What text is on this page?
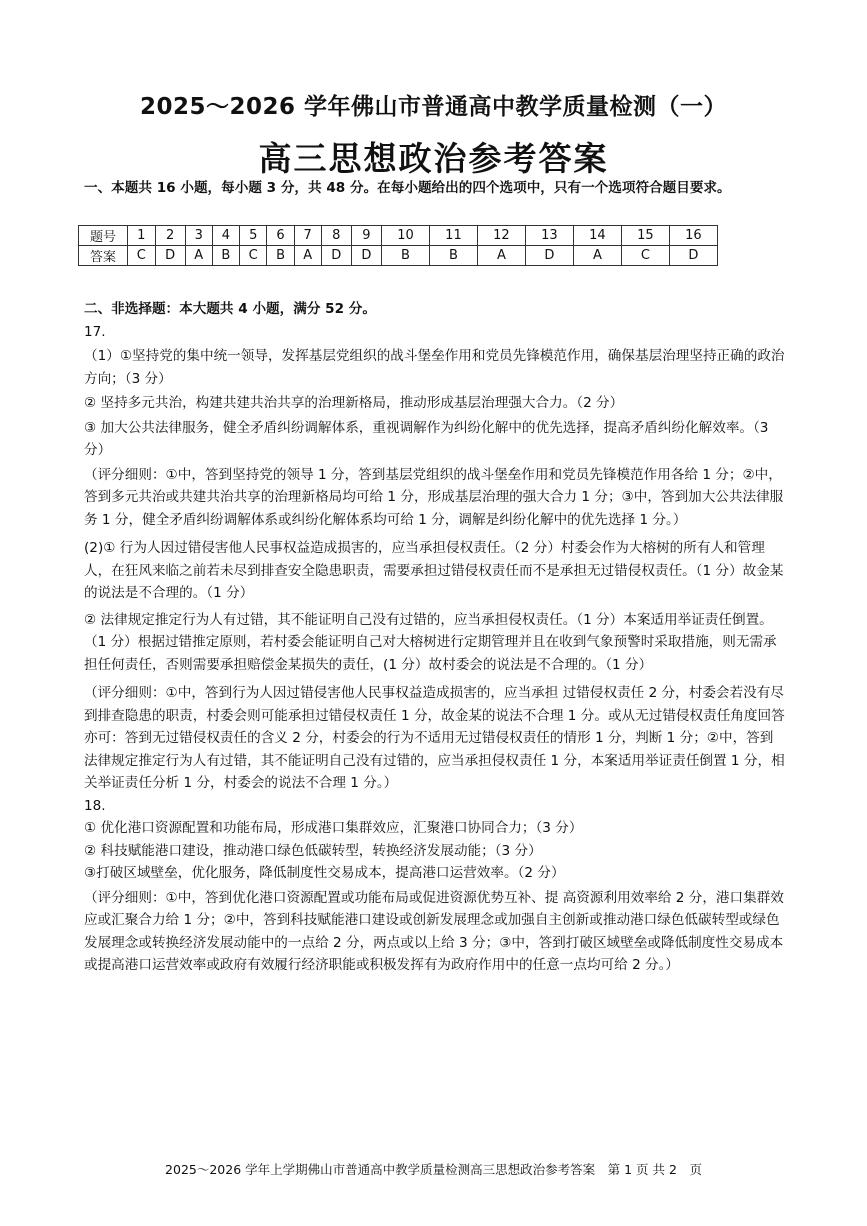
2025～2026 学年佛山市普通高中教学质量检测（一）
高三思想政治参考答案
一、本题共 16 小题，每小题 3 分，共 48 分。在每小题给出的四个选项中，只有一个选项符合题目要求。
题号	1	2	3	4	5	6	7	8	9	10	11	12	13	14	15	16
答案	C	D	A	B	C	B	A	D	D	B	B	A	D	A	C	D

二、非选择题：本大题共 4 小题，满分 52 分。

17.

（1）①坚持党的集中统一领导，发挥基层党组织的战斗堡垒作用和党员先锋模范作用，确保基层治理坚持正确的政治方向；（3 分）

② 坚持多元共治，构建共建共治共享的治理新格局，推动形成基层治理强大合力。（2 分）

③ 加大公共法律服务，健全矛盾纠纷调解体系，重视调解作为纠纷化解中的优先选择，提高矛盾纠纷化解效率。（3 分）

（评分细则：①中，答到坚持党的领导 1 分，答到基层党组织的战斗堡垒作用和党员先锋模范作用各给 1 分；②中，答到多元共治或共建共治共享的治理新格局均可给 1 分，形成基层治理的强大合力 1 分；③中，答到加大公共法律服务 1 分，健全矛盾纠纷调解体系或纠纷化解体系均可给 1 分，调解是纠纷化解中的优先选择 1 分。）

(2)① 行为人因过错侵害他人民事权益造成损害的，应当承担侵权责任。（2 分）村委会作为大榕树的所有人和管理人，在狂风来临之前若未尽到排查安全隐患职责，需要承担过错侵权责任而不是承担无过错侵权责任。（1 分）故金某的说法是不合理的。（1 分）

② 法律规定推定行为人有过错，其不能证明自己没有过错的，应当承担侵权责任。（1 分）本案适用举证责任倒置。（1 分）根据过错推定原则，若村委会能证明自己对大榕树进行定期管理并且在收到气象预警时采取措施，则无需承担任何责任，否则需要承担赔偿金某损失的责任，(1 分）故村委会的说法是不合理的。（1 分）

（评分细则：①中，答到行为人因过错侵害他人民事权益造成损害的，应当承担 过错侵权责任 2 分，村委会若没有尽到排查隐患的职责，村委会则可能承担过错侵权责任 1 分，故金某的说法不合理 1 分。或从无过错侵权责任角度回答亦可：答到无过错侵权责任的含义 2 分，村委会的行为不适用无过错侵权责任的情形 1 分，判断 1 分；②中，答到法律规定推定行为人有过错，其不能证明自己没有过错的，应当承担侵权责任 1 分，本案适用举证责任倒置 1 分，相关举证责任分析 1 分，村委会的说法不合理 1 分。）

18.

① 优化港口资源配置和功能布局，形成港口集群效应，汇聚港口协同合力；（3 分）

② 科技赋能港口建设，推动港口绿色低碳转型，转换经济发展动能；（3 分）

③打破区域壁垒，优化服务，降低制度性交易成本，提高港口运营效率。（2 分）

（评分细则：①中，答到优化港口资源配置或功能布局或促进资源优势互补、提 高资源利用效率给 2 分，港口集群效应或汇聚合力给 1 分；②中，答到科技赋能港口建设或创新发展理念或加强自主创新或推动港口绿色低碳转型或绿色发展理念或转换经济发展动能中的一点给 2 分，两点或以上给 3 分；③中，答到打破区域壁垒或降低制度性交易成本或提高港口运营效率或政府有效履行经济职能或积极发挥有为政府作用中的任意一点均可给 2 分。）

2025～2026 学年上学期佛山市普通高中教学质量检测高三思想政治参考答案　第 1 页 共 2　页
